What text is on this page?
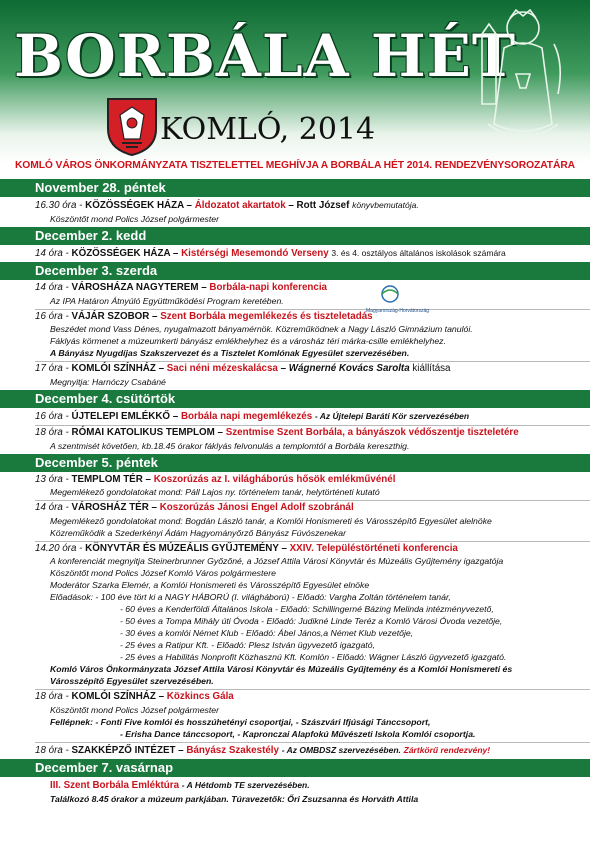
BORBÁLA HÉT
KOMLÓ, 2014
KOMLÓ VÁROS ÖNKORMÁNYZATA TISZTELETTEL MEGHÍVJA A BORBÁLA HÉT 2014. RENDEZVÉNYSOROZATÁRA
November 28. péntek
16.30 óra - KÖZÖSSÉGEK HÁZA – Áldozatot akartatok – Rott József könyvbemutatója.
Köszöntőt mond Polics József polgármester
December 2. kedd
14 óra - KÖZÖSSÉGEK HÁZA – Kistérségi Mesemondó Verseny 3. és 4. osztályos általános iskolások számára
December 3. szerda
14 óra - VÁROSHÁZA NAGYTEREM – Borbála-napi konferencia
Az IPA Határon Átnyúló Együttműködési Program keretében.
16 óra - VÁJÁR SZOBOR – Szent Borbála megemlékezés és tiszteletadás
Beszédet mond Vass Dénes, nyugalmazott bányamérnök. Közreműködnek a Nagy László Gimnázium tanulói.
Fáklyás körmenet a múzeumkerti bányász emlékhelyhez és a városház téri márka-csille emlékhelyhez.
A Bányász Nyugdíjas Szakszervezet és a Tisztelet Komlónak Egyesület szervezésében.
17 óra - KOMLÓI SZÍNHÁZ – Saci néni mézeskalácsa – Wágnerné Kovács Sarolta kiállítása
Megnyitja: Harnóczy Csabáné
December 4. csütörtök
16 óra - ÚJTELEPI EMLÉKKŐ – Borbála napi megemlékezés - Az Újtelepi Baráti Kör szervezésében
18 óra - RÓMAI KATOLIKUS TEMPLOM – Szentmise Szent Borbála, a bányászok védőszentje tiszteletére
A szentmisét követően, kb.18.45 órakor fáklyás felvonulás a templomtól a Borbála kereszthig.
December 5. péntek
13 óra - TEMPLOM TÉR – Koszorúzás az I. világháborús hősök emlékművénél
Megemlékező gondolatokat mond: Páll Lajos ny. történelem tanár, helytörténeti kutató
14 óra - VÁROSHÁZ TÉR – Koszorúzás Jánosi Engel Adolf szobránál
Megemlékező gondolatokat mond: Bogdán László tanár, a Komlói Honismereti és Városszépítő Egyesület alelnöke
Közreműködik a Szederkényi Ádám Hagyományőrző Bányász Fúvószenekar
14.20 óra - KÖNYVTÁR ÉS MÚZEÁLIS GYŰJTEMÉNY – XXIV. Településtörténeti konferencia
A konferenciát megnyitja Steinerbrunner Győzőné, a József Attila Városi Könyvtár és Múzeális Gyűjtemény igazgatója
Köszöntőt mond Polics József Komló Város polgármestere
Moderátor Szarka Elemér, a Komlói Honismereti és Városszépítő Egyesület elnöke
Előadások: - 100 éve tört ki a NAGY HÁBORÚ (I. világháború) - Előadó: Vargha Zoltán történelem tanár,
- 60 éves a Kenderföldi Általános Iskola - Előadó: Schillingerné Bázing Melinda intézményvezető,
- 50 éves a Tompa Mihály úti Óvoda - Előadó: Judikné Linde Teréz a Komló Városi Óvoda vezetője,
- 30 éves a komlói Német Klub - Előadó: Ábel János,a Német Klub vezetője,
- 25 éves a Ratipur Kft. - Előadó: Plesz István ügyvezető igazgató,
- 25 éves a Habilitás Nonprofit Közhasznú Kft. Komlón - Előadó: Wágner László ügyvezető igazgató.
Komló Város Önkormányzata József Attila Városi Könyvtár és Múzeális Gyűjtemény és a Komlói Honismereti és
Városszépítő Egyesület szervezésében.
18 óra - KOMLÓI SZÍNHÁZ – Közkincs Gála
Köszöntőt mond Polics József polgármester
Fellépnek: - Fonti Five komlói és hosszúhetényi csoportjai, - Szászvári Ifjúsági Tánccsoport,
- Erisha Dance tánccsoport, - Kapronczai Alapfokú Művészeti Iskola Komlói csoportja.
18 óra - SZAKKÉPZŐ INTÉZET – Bányász Szakestély - Az OMBDSZ szervezésében. Zártkörű rendezvény!
December 7. vasárnap
III. Szent Borbála Emléktúra - A Hétdomb TE szervezésében.
Találkozó 8.45 órakor a múzeum parkjában. Túravezetők: Őri Zsuzsanna és Horváth Attila
Magyarország-Horvátország
